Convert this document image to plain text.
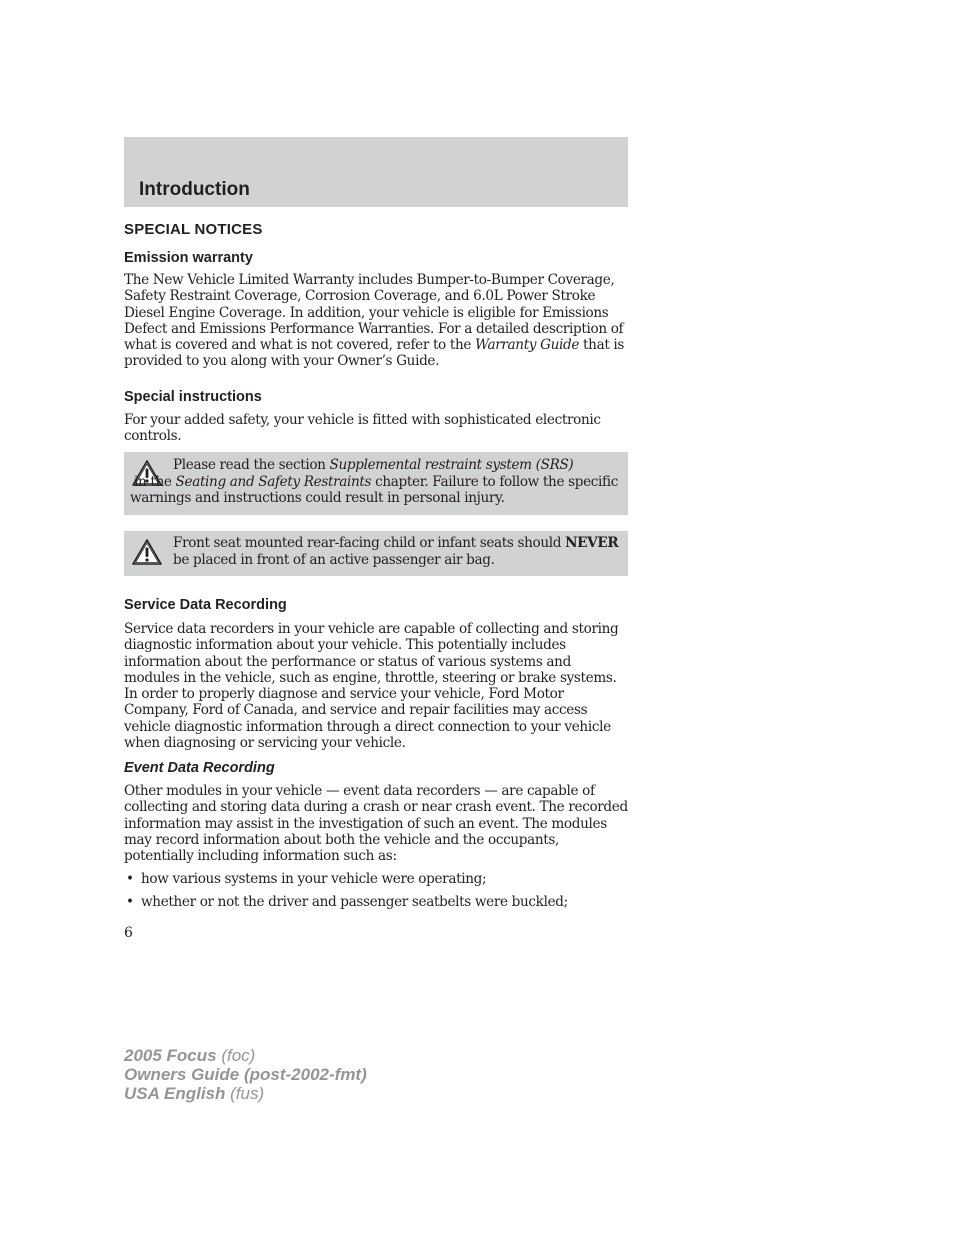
Introduction
SPECIAL NOTICES
Emission warranty

The New Vehicle Limited Warranty includes Bumper-to-Bumper Coverage, Safety Restraint Coverage, Corrosion Coverage, and 6.0L Power Stroke Diesel Engine Coverage. In addition, your vehicle is eligible for Emissions Defect and Emissions Performance Warranties. For a detailed description of what is covered and what is not covered, refer to the Warranty Guide that is provided to you along with your Owner’s Guide.

Special instructions

For your added safety, your vehicle is fitted with sophisticated electronic controls.

Please read the section Supplemental restraint system (SRS)
in the Seating and Safety Restraints chapter. Failure to follow the specific warnings and instructions could result in personal injury.

Front seat mounted rear-facing child or infant seats should NEVER be placed in front of an active passenger air bag.

Service Data Recording

Service data recorders in your vehicle are capable of collecting and storing diagnostic information about your vehicle. This potentially includes information about the performance or status of various systems and modules in the vehicle, such as engine, throttle, steering or brake systems. In order to properly diagnose and service your vehicle, Ford Motor Company, Ford of Canada, and service and repair facilities may access vehicle diagnostic information through a direct connection to your vehicle when diagnosing or servicing your vehicle.

Event Data Recording

Other modules in your vehicle — event data recorders — are capable of collecting and storing data during a crash or near crash event. The recorded information may assist in the investigation of such an event. The modules may record information about both the vehicle and the occupants, potentially including information such as:

• how various systems in your vehicle were operating;
• whether or not the driver and passenger seatbelts were buckled;
6
2005 Focus (foc)
Owners Guide (post-2002-fmt)
USA English (fus)
